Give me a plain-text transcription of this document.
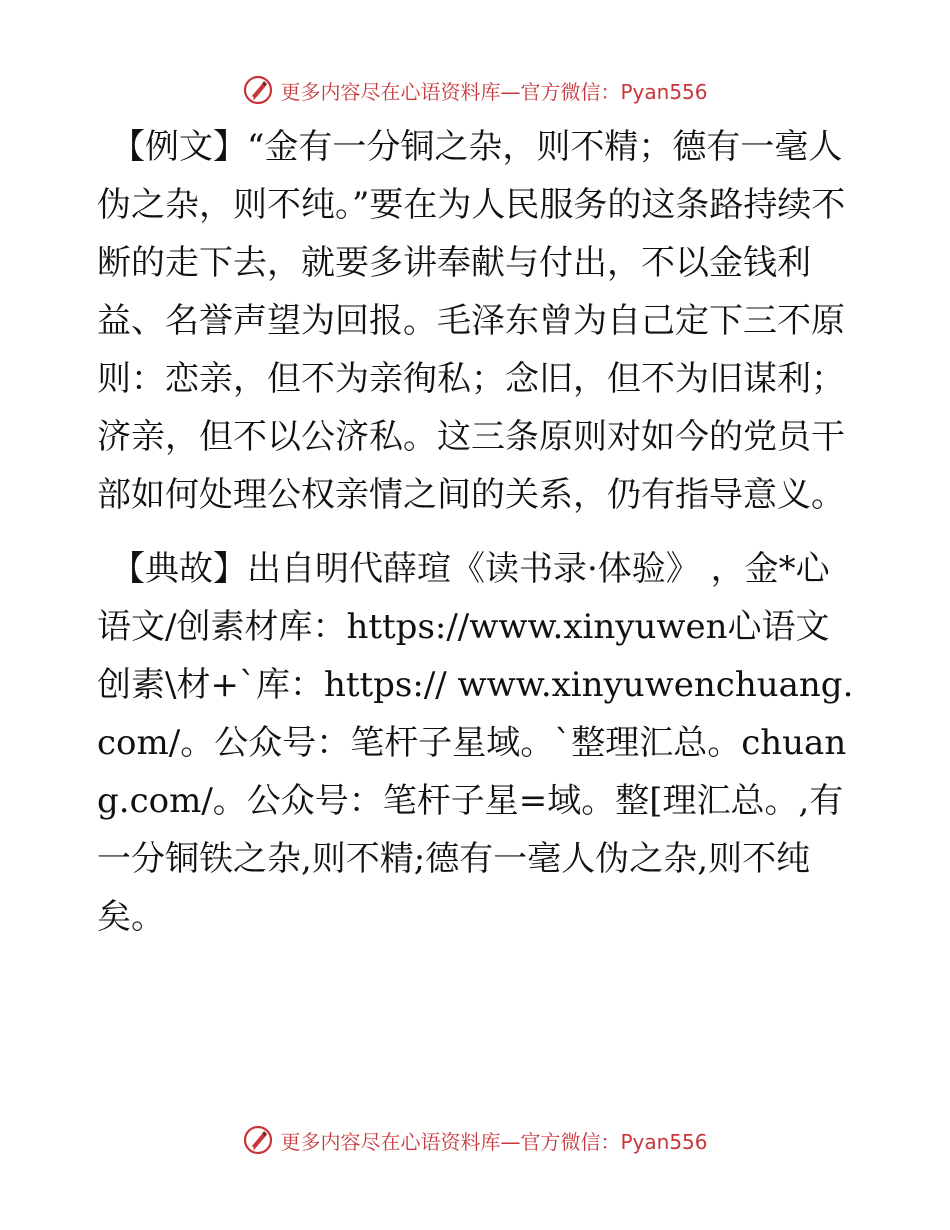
更多内容尽在心语资料库—官方微信：Pyan556

【例文】“金有一分铜之杂，则不精；德有一毫人伪之杂，则不纯。”要在为人民服务的这条路持续不断的走下去，就要多讲奉献与付出，不以金钱利益、名誉声望为回报。毛泽东曾为自己定下三不原则：恋亲，但不为亲徇私；念旧，但不为旧谋利；济亲，但不以公济私。这三条原则对如今的党员干部如何处理公权亲情之间的关系，仍有指导意义。

【典故】出自明代薛瑄《读书录·体验》 ，金*心语文/创素材库：https://www.xinyuwen心语文创素\材+`库：https:// www.xinyuwenchuang.com/。公众号：笔杆子星域。`整理汇总。chuang.com/。公众号：笔杆子星=域。整[理汇总。,有一分铜铁之杂,则不精;德有一毫人伪之杂,则不纯矣。

更多内容尽在心语资料库—官方微信：Pyan556
